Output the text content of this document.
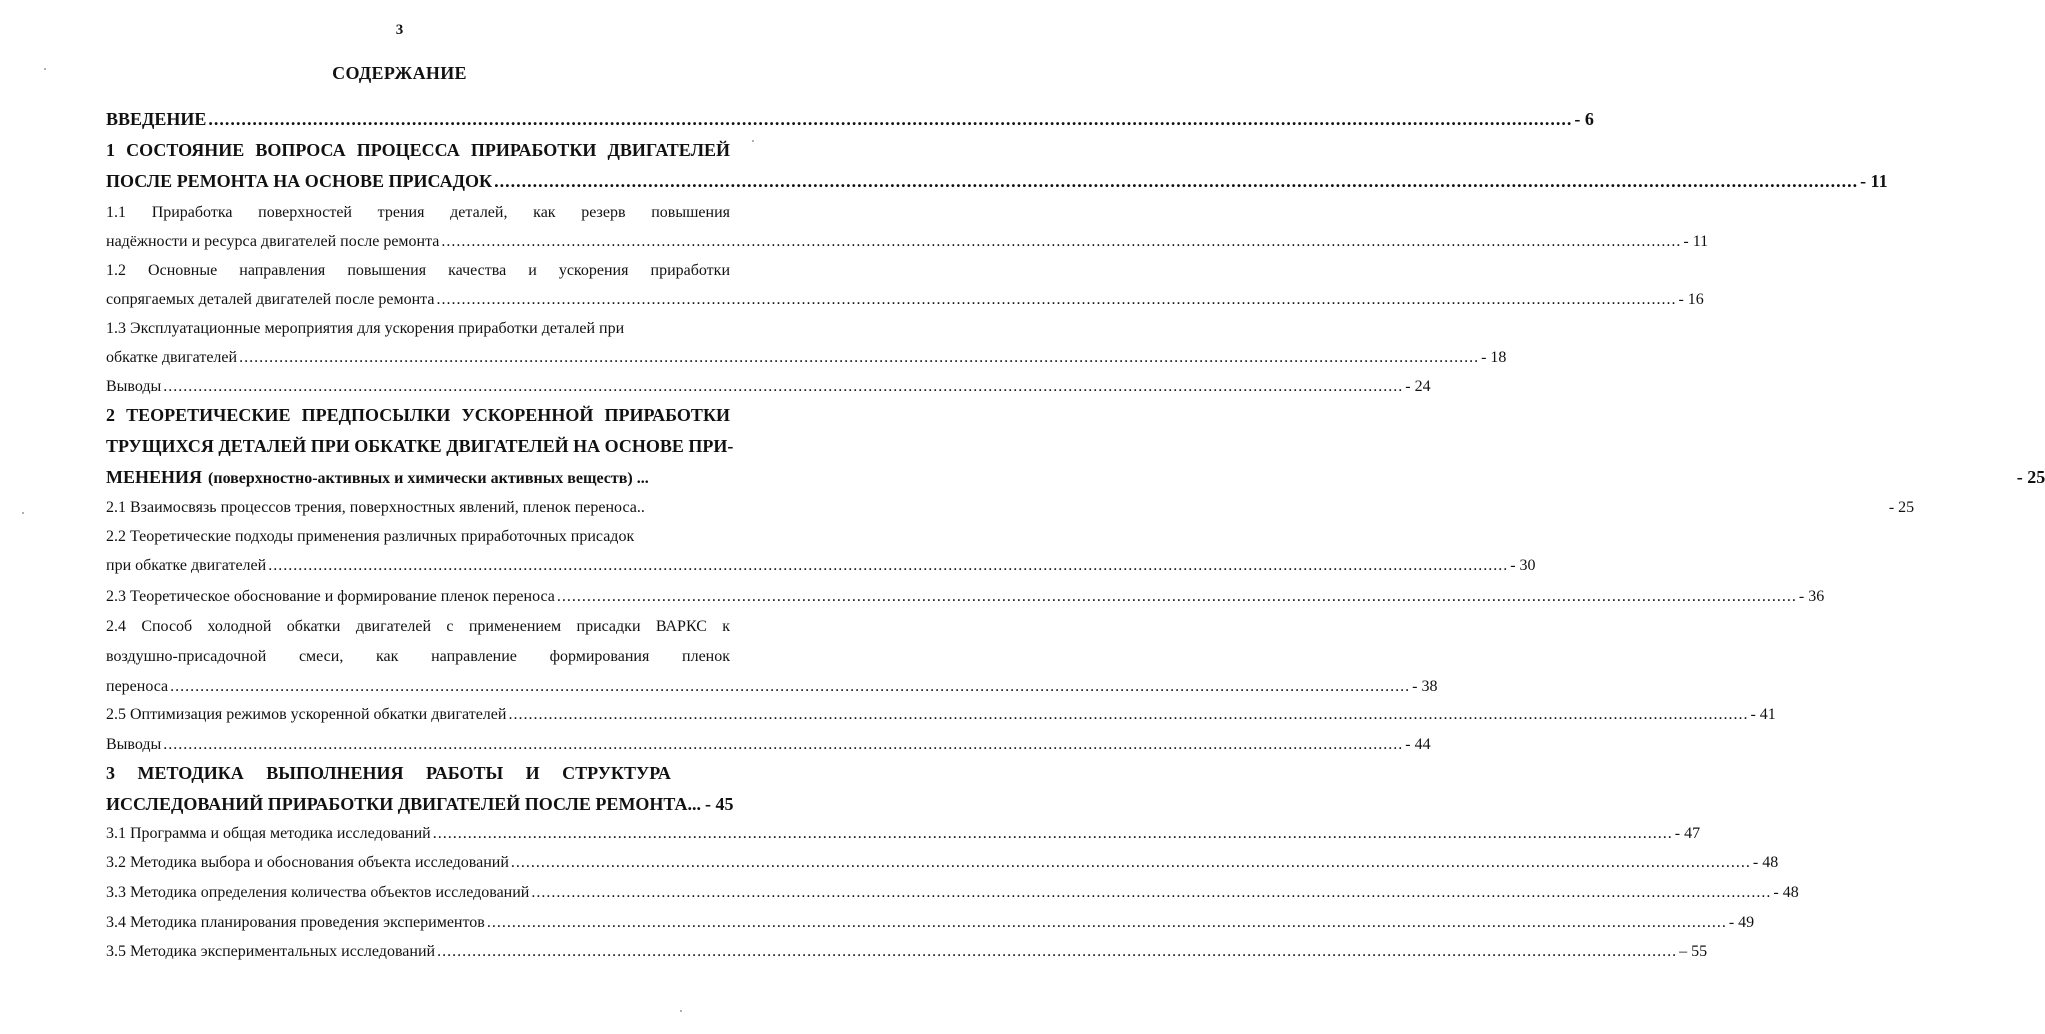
3
СОДЕРЖАНИЕ
ВВЕДЕНИЕ .....	- 6
1 СОСТОЯНИЕ ВОПРОСА ПРОЦЕССА ПРИРАБОТКИ ДВИГАТЕЛЕЙ
ПОСЛЕ РЕМОНТА НА ОСНОВЕ ПРИСАДОК .....	- 11
1.1 Приработка поверхностей трения деталей, как резерв повышения
надёжности и ресурса двигателей после ремонта .....	- 11
1.2 Основные направления повышения качества и ускорения приработки
сопрягаемых деталей двигателей после ремонта .....	- 16
1.3 Эксплуатационные мероприятия для ускорения приработки деталей при
обкатке двигателей .....	- 18
Выводы .....	- 24
2 ТЕОРЕТИЧЕСКИЕ ПРЕДПОСЫЛКИ УСКОРЕННОЙ ПРИРАБОТКИ
ТРУЩИХСЯ ДЕТАЛЕЙ ПРИ ОБКАТКЕ ДВИГАТЕЛЕЙ НА ОСНОВЕ ПРИ-
МЕНЕНИЯ (поверхностно-активных и химически активных веществ) ...	- 25
2.1 Взаимосвязь процессов трения, поверхностных явлений, пленок переноса..	- 25
2.2 Теоретические подходы применения различных приработочных присадок
при обкатке двигателей .....	- 30
2.3 Теоретическое обоснование и формирование пленок переноса .....	- 36
2.4 Способ холодной обкатки двигателей с применением присадки ВАРКС к
воздушно-присадочной смеси, как направление формирования пленок
переноса .....	- 38
2.5 Оптимизация режимов ускоренной обкатки двигателей .....	- 41
Выводы .....	- 44
3 МЕТОДИКА ВЫПОЛНЕНИЯ РАБОТЫ И СТРУКТУРА
ИССЛЕДОВАНИЙ ПРИРАБОТКИ ДВИГАТЕЛЕЙ ПОСЛЕ РЕМОНТА... - 45
3.1 Программа и общая методика исследований .....	- 47
3.2 Методика выбора и обоснования объекта исследований .....	- 48
3.3 Методика определения количества объектов исследований .....	- 48
3.4 Методика планирования проведения экспериментов .....	- 49
3.5 Методика экспериментальных исследований .....	– 55
